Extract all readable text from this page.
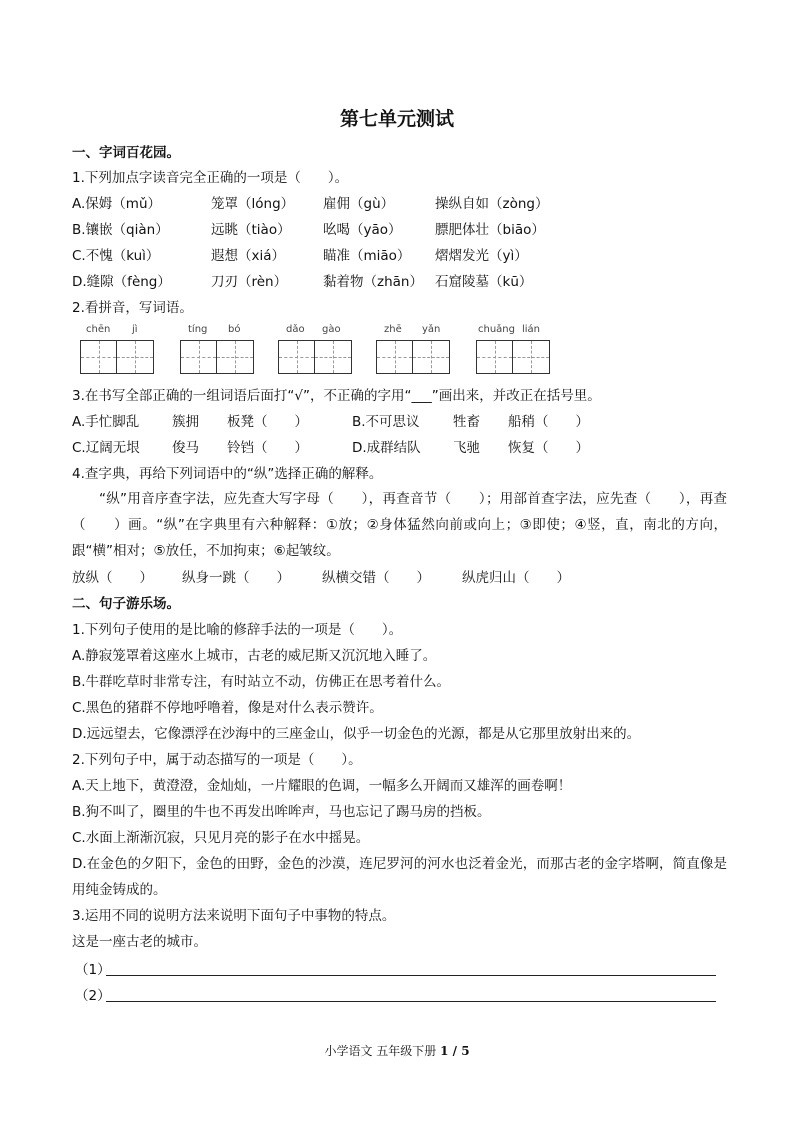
第七单元测试
一、字词百花园。
1.下列加点字读音完全正确的一项是（　　）。
A.保姆（mǔ）	笼罩（lóng） 雇佣（gù）	操纵自如（zòng）
B.镶嵌（qiàn）	远眺（tiào） 吆喝（yāo） 膘肥体壮（biāo）
C.不愧（kuì）	遐想（xiá）	瞄准（miāo） 熠熠发光（yì）
D.缝隙（fèng）	刀刃（rèn）	黏着物（zhān） 石窟陵墓（kū）
2.看拼音，写词语。
chēn jì	tíng bó	dǎo gào	zhē yǎn	chuǎng lián
3.在书写全部正确的一组词语后面打“√”，不正确的字用“___”画出来，并改正在括号里。
A.手忙脚乱 簇拥 板凳（　　）	B.不可思议 牲畜 船稍（　　）
C.辽阔无垠 俊马 铃铛（　　）	D.成群结队 飞驰 恢复（　　）
4.查字典，再给下列词语中的“纵”选择正确的解释。
“纵”用音序查字法，应先查大写字母（　　），再查音节（　　）；用部首查字法，应先查（　　），再查（　　）画。“纵”在字典里有六种解释：①放；②身体猛然向前或向上；③即使；④竖，直，南北的方向，跟“横”相对；⑤放任，不加拘束；⑥起皱纹。
放纵（　　） 纵身一跳（　　） 纵横交错（　　） 纵虎归山（　　）
二、句子游乐场。
1.下列句子使用的是比喻的修辞手法的一项是（　　）。
A.静寂笼罩着这座水上城市，古老的威尼斯又沉沉地入睡了。
B.牛群吃草时非常专注，有时站立不动，仿佛正在思考着什么。
C.黑色的猪群不停地呼噜着，像是对什么表示赞许。
D.远远望去，它像漂浮在沙海中的三座金山，似乎一切金色的光源，都是从它那里放射出来的。
2.下列句子中，属于动态描写的一项是（　　）。
A.天上地下，黄澄澄，金灿灿，一片耀眼的色调，一幅多么开阔而又雄浑的画卷啊！
B.狗不叫了，圈里的牛也不再发出哞哞声，马也忘记了踢马房的挡板。
C.水面上渐渐沉寂，只见月亮的影子在水中摇晃。
D.在金色的夕阳下，金色的田野，金色的沙漠，连尼罗河的河水也泛着金光，而那古老的金字塔啊，简直像是用纯金铸成的。
3.运用不同的说明方法来说明下面句子中事物的特点。
这是一座古老的城市。
（1）
（2）
小学语文 五年级下册 1 / 5
